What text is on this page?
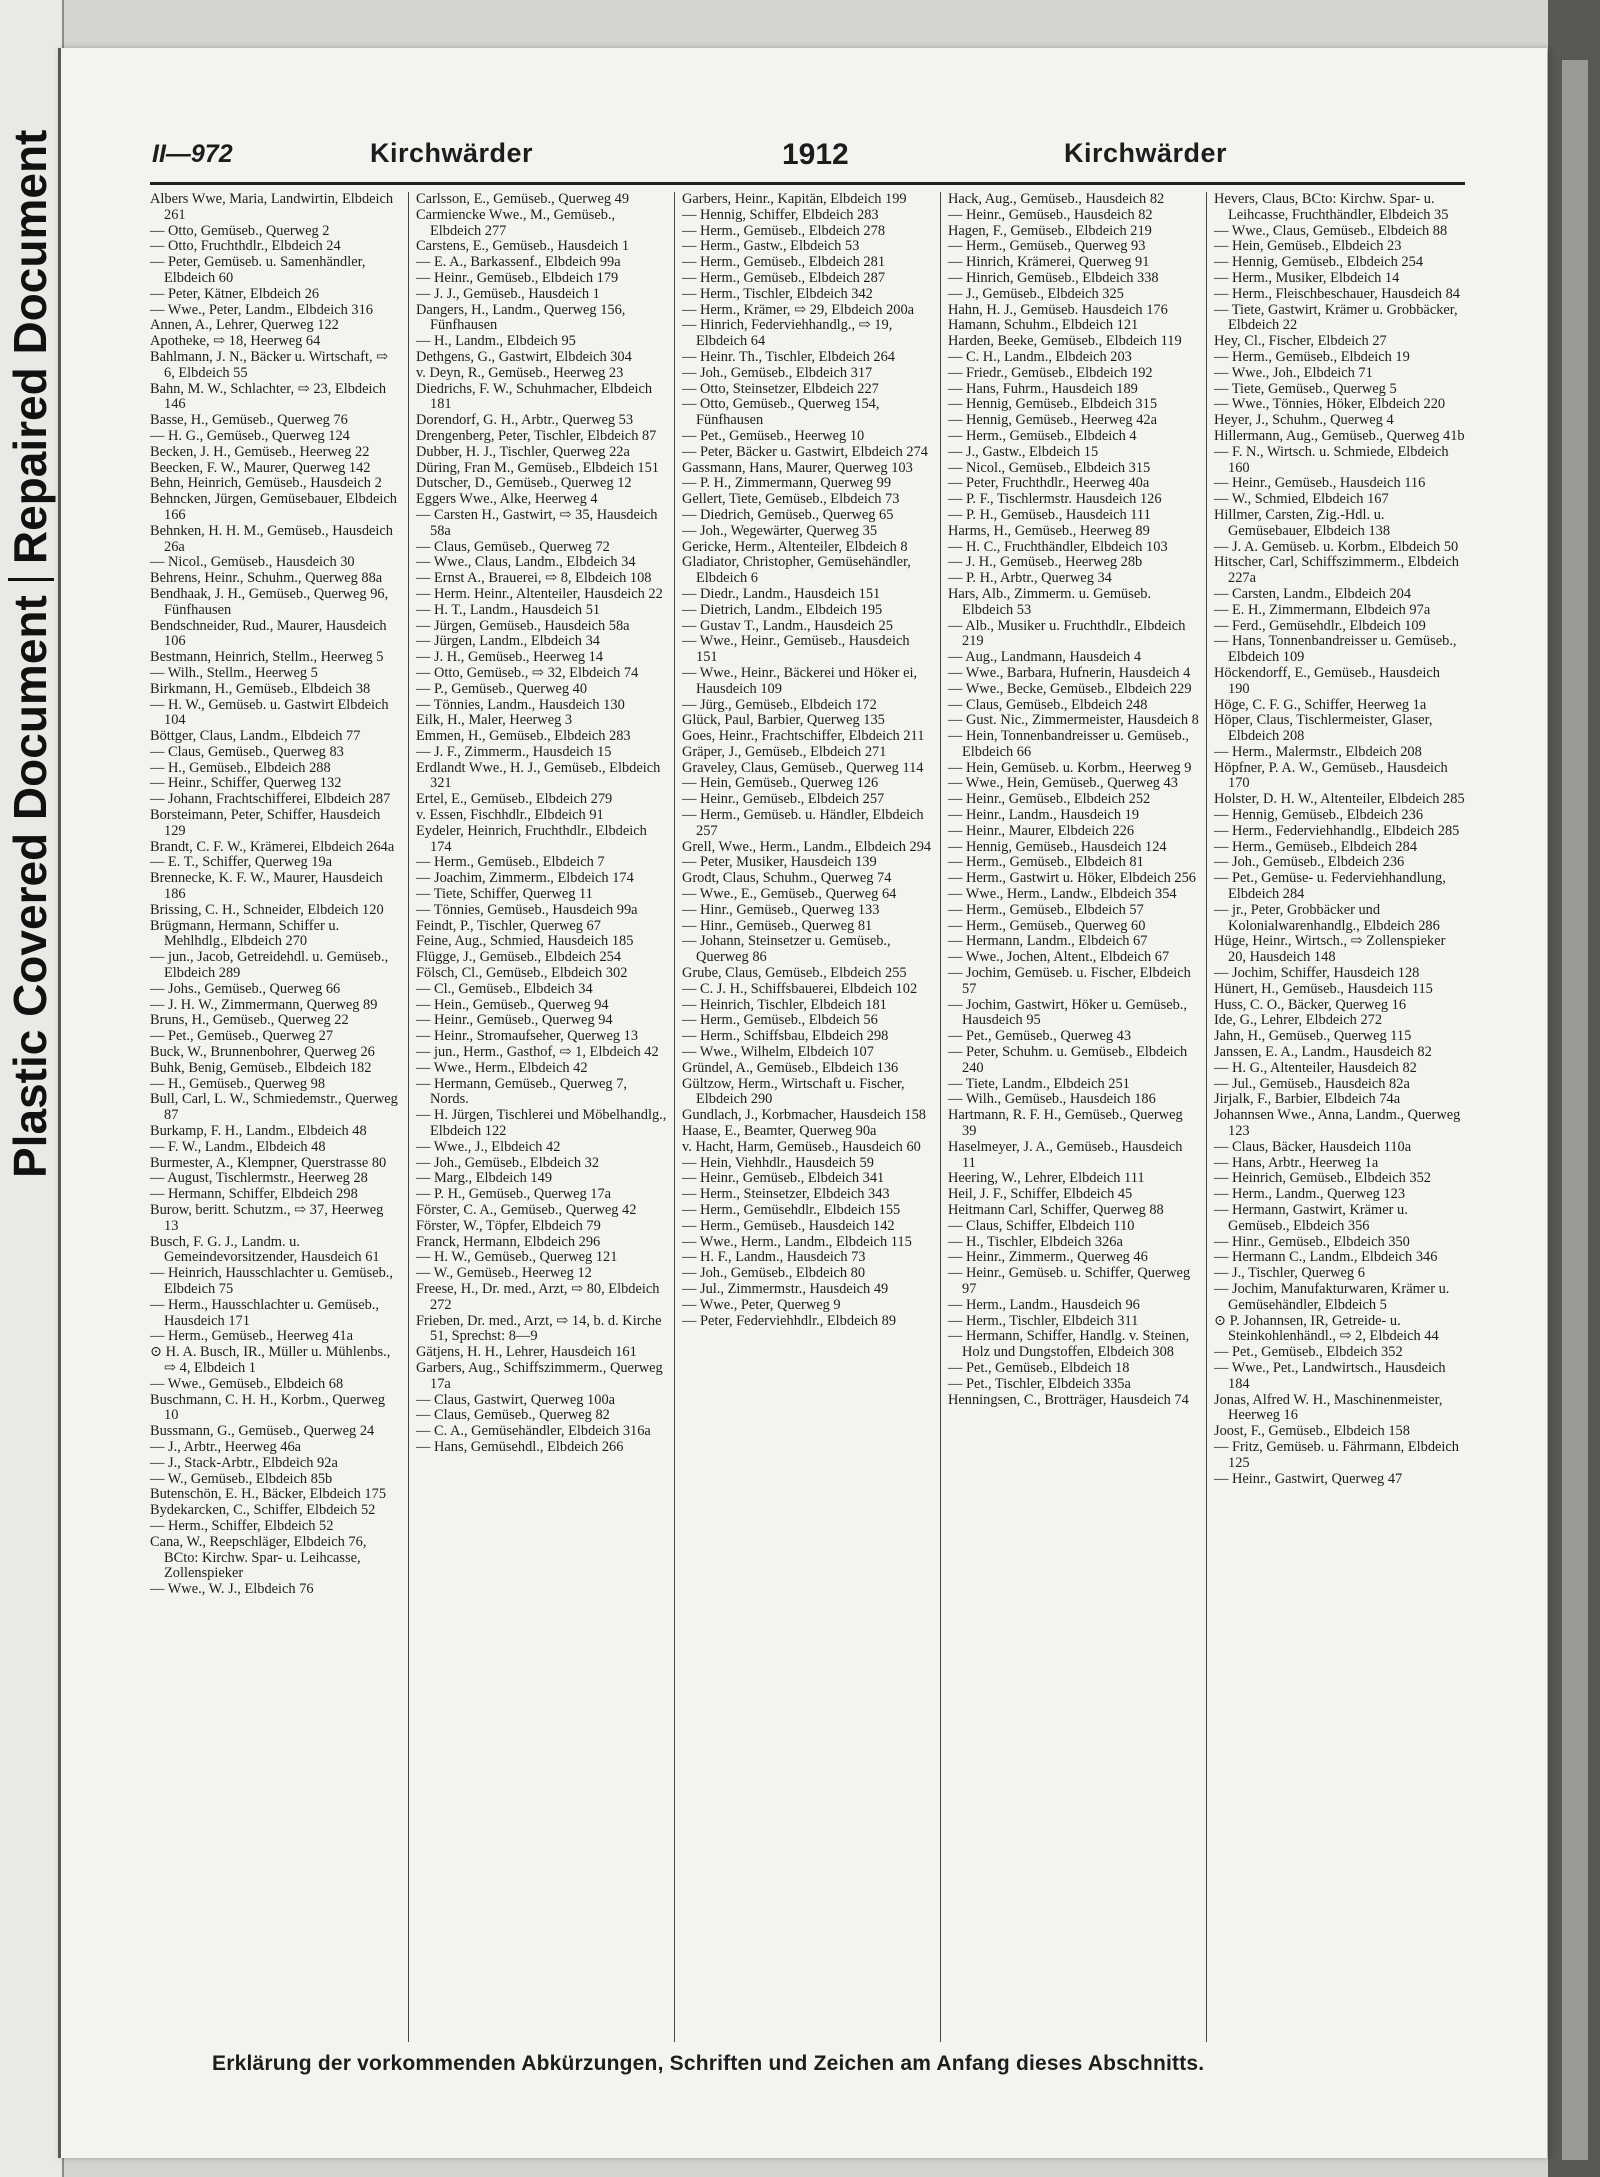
Plastic Covered DocumentRepaired Document	II—972	Kirchwärder	1912	Kirchwärder

Albers Wwe, Maria, Landwirtin, Elbdeich 261

— Otto, Gemüseb., Querweg 2

— Otto, Fruchthdlr., Elbdeich 24

— Peter, Gemüseb. u. Samenhändler, Elbdeich 60

— Peter, Kätner, Elbdeich 26

— Wwe., Peter, Landm., Elbdeich 316

Annen, A., Lehrer, Querweg 122

Apotheke, ⇨ 18, Heerweg 64

Bahlmann, J. N., Bäcker u. Wirtschaft, ⇨ 6, Elbdeich 55

Bahn, M. W., Schlachter, ⇨ 23, Elbdeich 146

Basse, H., Gemüseb., Querweg 76

— H. G., Gemüseb., Querweg 124

Becken, J. H., Gemüseb., Heerweg 22

Beecken, F. W., Maurer, Querweg 142

Behn, Heinrich, Gemüseb., Hausdeich 2

Behncken, Jürgen, Gemüsebauer, Elbdeich 166

Behnken, H. H. M., Gemüseb., Hausdeich 26a

— Nicol., Gemüseb., Hausdeich 30

Behrens, Heinr., Schuhm., Querweg 88a

Bendhaak, J. H., Gemüseb., Querweg 96, Fünfhausen

Bendschneider, Rud., Maurer, Hausdeich 106

Bestmann, Heinrich, Stellm., Heerweg 5

— Wilh., Stellm., Heerweg 5

Birkmann, H., Gemüseb., Elbdeich 38

— H. W., Gemüseb. u. Gastwirt Elbdeich 104

Böttger, Claus, Landm., Elbdeich 77

— Claus, Gemüseb., Querweg 83

— H., Gemüseb., Elbdeich 288

— Heinr., Schiffer, Querweg 132

— Johann, Frachtschifferei, Elbdeich 287

Borsteimann, Peter, Schiffer, Hausdeich 129

Brandt, C. F. W., Krämerei, Elbdeich 264a

— E. T., Schiffer, Querweg 19a

Brennecke, K. F. W., Maurer, Hausdeich 186

Brissing, C. H., Schneider, Elbdeich 120

Brügmann, Hermann, Schiffer u. Mehlhdlg., Elbdeich 270

— jun., Jacob, Getreidehdl. u. Gemüseb., Elbdeich 289

— Johs., Gemüseb., Querweg 66

— J. H. W., Zimmermann, Querweg 89

Bruns, H., Gemüseb., Querweg 22

— Pet., Gemüseb., Querweg 27

Buck, W., Brunnenbohrer, Querweg 26

Buhk, Benig, Gemüseb., Elbdeich 182

— H., Gemüseb., Querweg 98

Bull, Carl, L. W., Schmiedemstr., Querweg 87

Burkamp, F. H., Landm., Elbdeich 48

— F. W., Landm., Elbdeich 48

Burmester, A., Klempner, Querstrasse 80

— August, Tischlermstr., Heerweg 28

— Hermann, Schiffer, Elbdeich 298

Burow, beritt. Schutzm., ⇨ 37, Heerweg 13

Busch, F. G. J., Landm. u. Gemeindevorsitzender, Hausdeich 61

— Heinrich, Hausschlachter u. Gemüseb., Elbdeich 75

— Herm., Hausschlachter u. Gemüseb., Hausdeich 171

— Herm., Gemüseb., Heerweg 41a

⊙ H. A. Busch, IR., Müller u. Mühlenbs., ⇨ 4, Elbdeich 1

— Wwe., Gemüseb., Elbdeich 68

Buschmann, C. H. H., Korbm., Querweg 10

Bussmann, G., Gemüseb., Querweg 24

— J., Arbtr., Heerweg 46a

— J., Stack-Arbtr., Elbdeich 92a

— W., Gemüseb., Elbdeich 85b

Butenschön, E. H., Bäcker, Elbdeich 175

Bydekarcken, C., Schiffer, Elbdeich 52

— Herm., Schiffer, Elbdeich 52

Cana, W., Reepschläger, Elbdeich 76, BCto: Kirchw. Spar- u. Leihcasse, Zollenspieker

— Wwe., W. J., Elbdeich 76

Carlsson, E., Gemüseb., Querweg 49

Carmiencke Wwe., M., Gemüseb., Elbdeich 277

Carstens, E., Gemüseb., Hausdeich 1

— E. A., Barkassenf., Elbdeich 99a

— Heinr., Gemüseb., Elbdeich 179

— J. J., Gemüseb., Hausdeich 1

Dangers, H., Landm., Querweg 156, Fünfhausen

— H., Landm., Elbdeich 95

Dethgens, G., Gastwirt, Elbdeich 304

v. Deyn, R., Gemüseb., Heerweg 23

Diedrichs, F. W., Schuhmacher, Elbdeich 181

Dorendorf, G. H., Arbtr., Querweg 53

Drengenberg, Peter, Tischler, Elbdeich 87

Dubber, H. J., Tischler, Querweg 22a

Düring, Fran M., Gemüseb., Elbdeich 151

Dutscher, D., Gemüseb., Querweg 12

Eggers Wwe., Alke, Heerweg 4

— Carsten H., Gastwirt, ⇨ 35, Hausdeich 58a

— Claus, Gemüseb., Querweg 72

— Wwe., Claus, Landm., Elbdeich 34

— Ernst A., Brauerei, ⇨ 8, Elbdeich 108

— Herm. Heinr., Altenteiler, Hausdeich 22

— H. T., Landm., Hausdeich 51

— Jürgen, Gemüseb., Hausdeich 58a

— Jürgen, Landm., Elbdeich 34

— J. H., Gemüseb., Heerweg 14

— Otto, Gemüseb., ⇨ 32, Elbdeich 74

— P., Gemüseb., Querweg 40

— Tönnies, Landm., Hausdeich 130

Eilk, H., Maler, Heerweg 3

Emmen, H., Gemüseb., Elbdeich 283

— J. F., Zimmerm., Hausdeich 15

Erdlandt Wwe., H. J., Gemüseb., Elbdeich 321

Ertel, E., Gemüseb., Elbdeich 279

v. Essen, Fischhdlr., Elbdeich 91

Eydeler, Heinrich, Fruchthdlr., Elbdeich 174

— Herm., Gemüseb., Elbdeich 7

— Joachim, Zimmerm., Elbdeich 174

— Tiete, Schiffer, Querweg 11

— Tönnies, Gemüseb., Hausdeich 99a

Feindt, P., Tischler, Querweg 67

Feine, Aug., Schmied, Hausdeich 185

Flügge, J., Gemüseb., Elbdeich 254

Fölsch, Cl., Gemüseb., Elbdeich 302

— Cl., Gemüseb., Elbdeich 34

— Hein., Gemüseb., Querweg 94

— Heinr., Gemüseb., Querweg 94

— Heinr., Stromaufseher, Querweg 13

— jun., Herm., Gasthof, ⇨ 1, Elbdeich 42

— Wwe., Herm., Elbdeich 42

— Hermann, Gemüseb., Querweg 7, Nords.

— H. Jürgen, Tischlerei und Möbelhandlg., Elbdeich 122

— Wwe., J., Elbdeich 42

— Joh., Gemüseb., Elbdeich 32

— Marg., Elbdeich 149

— P. H., Gemüseb., Querweg 17a

Förster, C. A., Gemüseb., Querweg 42

Förster, W., Töpfer, Elbdeich 79

Franck, Hermann, Elbdeich 296

— H. W., Gemüseb., Querweg 121

— W., Gemüseb., Heerweg 12

Freese, H., Dr. med., Arzt, ⇨ 80, Elbdeich 272

Frieben, Dr. med., Arzt, ⇨ 14, b. d. Kirche 51, Sprechst: 8—9

Gätjens, H. H., Lehrer, Hausdeich 161

Garbers, Aug., Schiffszimmerm., Querweg 17a

— Claus, Gastwirt, Querweg 100a

— Claus, Gemüseb., Querweg 82

— C. A., Gemüsehändler, Elbdeich 316a

— Hans, Gemüsehdl., Elbdeich 266

Garbers, Heinr., Kapitän, Elbdeich 199

— Hennig, Schiffer, Elbdeich 283

— Herm., Gemüseb., Elbdeich 278

— Herm., Gastw., Elbdeich 53

— Herm., Gemüseb., Elbdeich 281

— Herm., Gemüseb., Elbdeich 287

— Herm., Tischler, Elbdeich 342

— Herm., Krämer, ⇨ 29, Elbdeich 200a

— Hinrich, Federviehhandlg., ⇨ 19, Elbdeich 64

— Heinr. Th., Tischler, Elbdeich 264

— Joh., Gemüseb., Elbdeich 317

— Otto, Steinsetzer, Elbdeich 227

— Otto, Gemüseb., Querweg 154, Fünfhausen

— Pet., Gemüseb., Heerweg 10

— Peter, Bäcker u. Gastwirt, Elbdeich 274

Gassmann, Hans, Maurer, Querweg 103

— P. H., Zimmermann, Querweg 99

Gellert, Tiete, Gemüseb., Elbdeich 73

— Diedrich, Gemüseb., Querweg 65

— Joh., Wegewärter, Querweg 35

Gericke, Herm., Altenteiler, Elbdeich 8

Gladiator, Christopher, Gemüsehändler, Elbdeich 6

— Diedr., Landm., Hausdeich 151

— Dietrich, Landm., Elbdeich 195

— Gustav T., Landm., Hausdeich 25

— Wwe., Heinr., Gemüseb., Hausdeich 151

— Wwe., Heinr., Bäckerei und Höker ei, Hausdeich 109

— Jürg., Gemüseb., Elbdeich 172

Glück, Paul, Barbier, Querweg 135

Goes, Heinr., Frachtschiffer, Elbdeich 211

Gräper, J., Gemüseb., Elbdeich 271

Graveley, Claus, Gemüseb., Querweg 114

— Hein, Gemüseb., Querweg 126

— Heinr., Gemüseb., Elbdeich 257

— Herm., Gemüseb. u. Händler, Elbdeich 257

Grell, Wwe., Herm., Landm., Elbdeich 294

— Peter, Musiker, Hausdeich 139

Grodt, Claus, Schuhm., Querweg 74

— Wwe., E., Gemüseb., Querweg 64

— Hinr., Gemüseb., Querweg 133

— Hinr., Gemüseb., Querweg 81

— Johann, Steinsetzer u. Gemüseb., Querweg 86

Grube, Claus, Gemüseb., Elbdeich 255

— C. J. H., Schiffsbauerei, Elbdeich 102

— Heinrich, Tischler, Elbdeich 181

— Herm., Gemüseb., Elbdeich 56

— Herm., Schiffsbau, Elbdeich 298

— Wwe., Wilhelm, Elbdeich 107

Gründel, A., Gemüseb., Elbdeich 136

Gültzow, Herm., Wirtschaft u. Fischer, Elbdeich 290

Gundlach, J., Korbmacher, Hausdeich 158

Haase, E., Beamter, Querweg 90a

v. Hacht, Harm, Gemüseb., Hausdeich 60

— Hein, Viehhdlr., Hausdeich 59

— Heinr., Gemüseb., Elbdeich 341

— Herm., Steinsetzer, Elbdeich 343

— Herm., Gemüsehdlr., Elbdeich 155

— Herm., Gemüseb., Hausdeich 142

— Wwe., Herm., Landm., Elbdeich 115

— H. F., Landm., Hausdeich 73

— Joh., Gemüseb., Elbdeich 80

— Jul., Zimmermstr., Hausdeich 49

— Wwe., Peter, Querweg 9

— Peter, Federviehhdlr., Elbdeich 89

Hack, Aug., Gemüseb., Hausdeich 82

— Heinr., Gemüseb., Hausdeich 82

Hagen, F., Gemüseb., Elbdeich 219

— Herm., Gemüseb., Querweg 93

— Hinrich, Krämerei, Querweg 91

— Hinrich, Gemüseb., Elbdeich 338

— J., Gemüseb., Elbdeich 325

Hahn, H. J., Gemüseb. Hausdeich 176

Hamann, Schuhm., Elbdeich 121

Harden, Beeke, Gemüseb., Elbdeich 119

— C. H., Landm., Elbdeich 203

— Friedr., Gemüseb., Elbdeich 192

— Hans, Fuhrm., Hausdeich 189

— Hennig, Gemüseb., Elbdeich 315

— Hennig, Gemüseb., Heerweg 42a

— Herm., Gemüseb., Elbdeich 4

— J., Gastw., Elbdeich 15

— Nicol., Gemüseb., Elbdeich 315

— Peter, Fruchthdlr., Heerweg 40a

— P. F., Tischlermstr. Hausdeich 126

— P. H., Gemüseb., Hausdeich 111

Harms, H., Gemüseb., Heerweg 89

— H. C., Fruchthändler, Elbdeich 103

— J. H., Gemüseb., Heerweg 28b

— P. H., Arbtr., Querweg 34

Hars, Alb., Zimmerm. u. Gemüseb. Elbdeich 53

— Alb., Musiker u. Fruchthdlr., Elbdeich 219

— Aug., Landmann, Hausdeich 4

— Wwe., Barbara, Hufnerin, Hausdeich 4

— Wwe., Becke, Gemüseb., Elbdeich 229

— Claus, Gemüseb., Elbdeich 248

— Gust. Nic., Zimmermeister, Hausdeich 8

— Hein, Tonnenbandreisser u. Gemüseb., Elbdeich 66

— Hein, Gemüseb. u. Korbm., Heerweg 9

— Wwe., Hein, Gemüseb., Querweg 43

— Heinr., Gemüseb., Elbdeich 252

— Heinr., Landm., Hausdeich 19

— Heinr., Maurer, Elbdeich 226

— Hennig, Gemüseb., Hausdeich 124

— Herm., Gemüseb., Elbdeich 81

— Herm., Gastwirt u. Höker, Elbdeich 256

— Wwe., Herm., Landw., Elbdeich 354

— Herm., Gemüseb., Elbdeich 57

— Herm., Gemüseb., Querweg 60

— Hermann, Landm., Elbdeich 67

— Wwe., Jochen, Altent., Elbdeich 67

— Jochim, Gemüseb. u. Fischer, Elbdeich 57

— Jochim, Gastwirt, Höker u. Gemüseb., Hausdeich 95

— Pet., Gemüseb., Querweg 43

— Peter, Schuhm. u. Gemüseb., Elbdeich 240

— Tiete, Landm., Elbdeich 251

— Wilh., Gemüseb., Hausdeich 186

Hartmann, R. F. H., Gemüseb., Querweg 39

Haselmeyer, J. A., Gemüseb., Hausdeich 11

Heering, W., Lehrer, Elbdeich 111

Heil, J. F., Schiffer, Elbdeich 45

Heitmann Carl, Schiffer, Querweg 88

— Claus, Schiffer, Elbdeich 110

— H., Tischler, Elbdeich 326a

— Heinr., Zimmerm., Querweg 46

— Heinr., Gemüseb. u. Schiffer, Querweg 97

— Herm., Landm., Hausdeich 96

— Herm., Tischler, Elbdeich 311

— Hermann, Schiffer, Handlg. v. Steinen, Holz und Dungstoffen, Elbdeich 308

— Pet., Gemüseb., Elbdeich 18

— Pet., Tischler, Elbdeich 335a

Henningsen, C., Brotträger, Hausdeich 74

Hevers, Claus, BCto: Kirchw. Spar- u. Leihcasse, Fruchthändler, Elbdeich 35

— Wwe., Claus, Gemüseb., Elbdeich 88

— Hein, Gemüseb., Elbdeich 23

— Hennig, Gemüseb., Elbdeich 254

— Herm., Musiker, Elbdeich 14

— Herm., Fleischbeschauer, Hausdeich 84

— Tiete, Gastwirt, Krämer u. Grobbäcker, Elbdeich 22

Hey, Cl., Fischer, Elbdeich 27

— Herm., Gemüseb., Elbdeich 19

— Wwe., Joh., Elbdeich 71

— Tiete, Gemüseb., Querweg 5

— Wwe., Tönnies, Höker, Elbdeich 220

Heyer, J., Schuhm., Querweg 4

Hillermann, Aug., Gemüseb., Querweg 41b

— F. N., Wirtsch. u. Schmiede, Elbdeich 160

— Heinr., Gemüseb., Hausdeich 116

— W., Schmied, Elbdeich 167

Hillmer, Carsten, Zig.-Hdl. u. Gemüsebauer, Elbdeich 138

— J. A. Gemüseb. u. Korbm., Elbdeich 50

Hitscher, Carl, Schiffszimmerm., Elbdeich 227a

— Carsten, Landm., Elbdeich 204

— E. H., Zimmermann, Elbdeich 97a

— Ferd., Gemüsehdlr., Elbdeich 109

— Hans, Tonnenbandreisser u. Gemüseb., Elbdeich 109

Höckendorff, E., Gemüseb., Hausdeich 190

Höge, C. F. G., Schiffer, Heerweg 1a

Höper, Claus, Tischlermeister, Glaser, Elbdeich 208

— Herm., Malermstr., Elbdeich 208

Höpfner, P. A. W., Gemüseb., Hausdeich 170

Holster, D. H. W., Altenteiler, Elbdeich 285

— Hennig, Gemüseb., Elbdeich 236

— Herm., Federviehhandlg., Elbdeich 285

— Herm., Gemüseb., Elbdeich 284

— Joh., Gemüseb., Elbdeich 236

— Pet., Gemüse- u. Federviehhandlung, Elbdeich 284

— jr., Peter, Grobbäcker und Kolonialwarenhandlg., Elbdeich 286

Hüge, Heinr., Wirtsch., ⇨ Zollenspieker 20, Hausdeich 148

— Jochim, Schiffer, Hausdeich 128

Hünert, H., Gemüseb., Hausdeich 115

Huss, C. O., Bäcker, Querweg 16

Ide, G., Lehrer, Elbdeich 272

Jahn, H., Gemüseb., Querweg 115

Janssen, E. A., Landm., Hausdeich 82

— H. G., Altenteiler, Hausdeich 82

— Jul., Gemüseb., Hausdeich 82a

Jirjalk, F., Barbier, Elbdeich 74a

Johannsen Wwe., Anna, Landm., Querweg 123

— Claus, Bäcker, Hausdeich 110a

— Hans, Arbtr., Heerweg 1a

— Heinrich, Gemüseb., Elbdeich 352

— Herm., Landm., Querweg 123

— Hermann, Gastwirt, Krämer u. Gemüseb., Elbdeich 356

— Hinr., Gemüseb., Elbdeich 350

— Hermann C., Landm., Elbdeich 346

— J., Tischler, Querweg 6

— Jochim, Manufakturwaren, Krämer u. Gemüsehändler, Elbdeich 5

⊙ P. Johannsen, IR, Getreide- u. Steinkohlenhändl., ⇨ 2, Elbdeich 44

— Pet., Gemüseb., Elbdeich 352

— Wwe., Pet., Landwirtsch., Hausdeich 184

Jonas, Alfred W. H., Maschinenmeister, Heerweg 16

Joost, F., Gemüseb., Elbdeich 158

— Fritz, Gemüseb. u. Fährmann, Elbdeich 125

— Heinr., Gastwirt, Querweg 47

Erklärung der vorkommenden Abkürzungen, Schriften und Zeichen am Anfang dieses Abschnitts.
